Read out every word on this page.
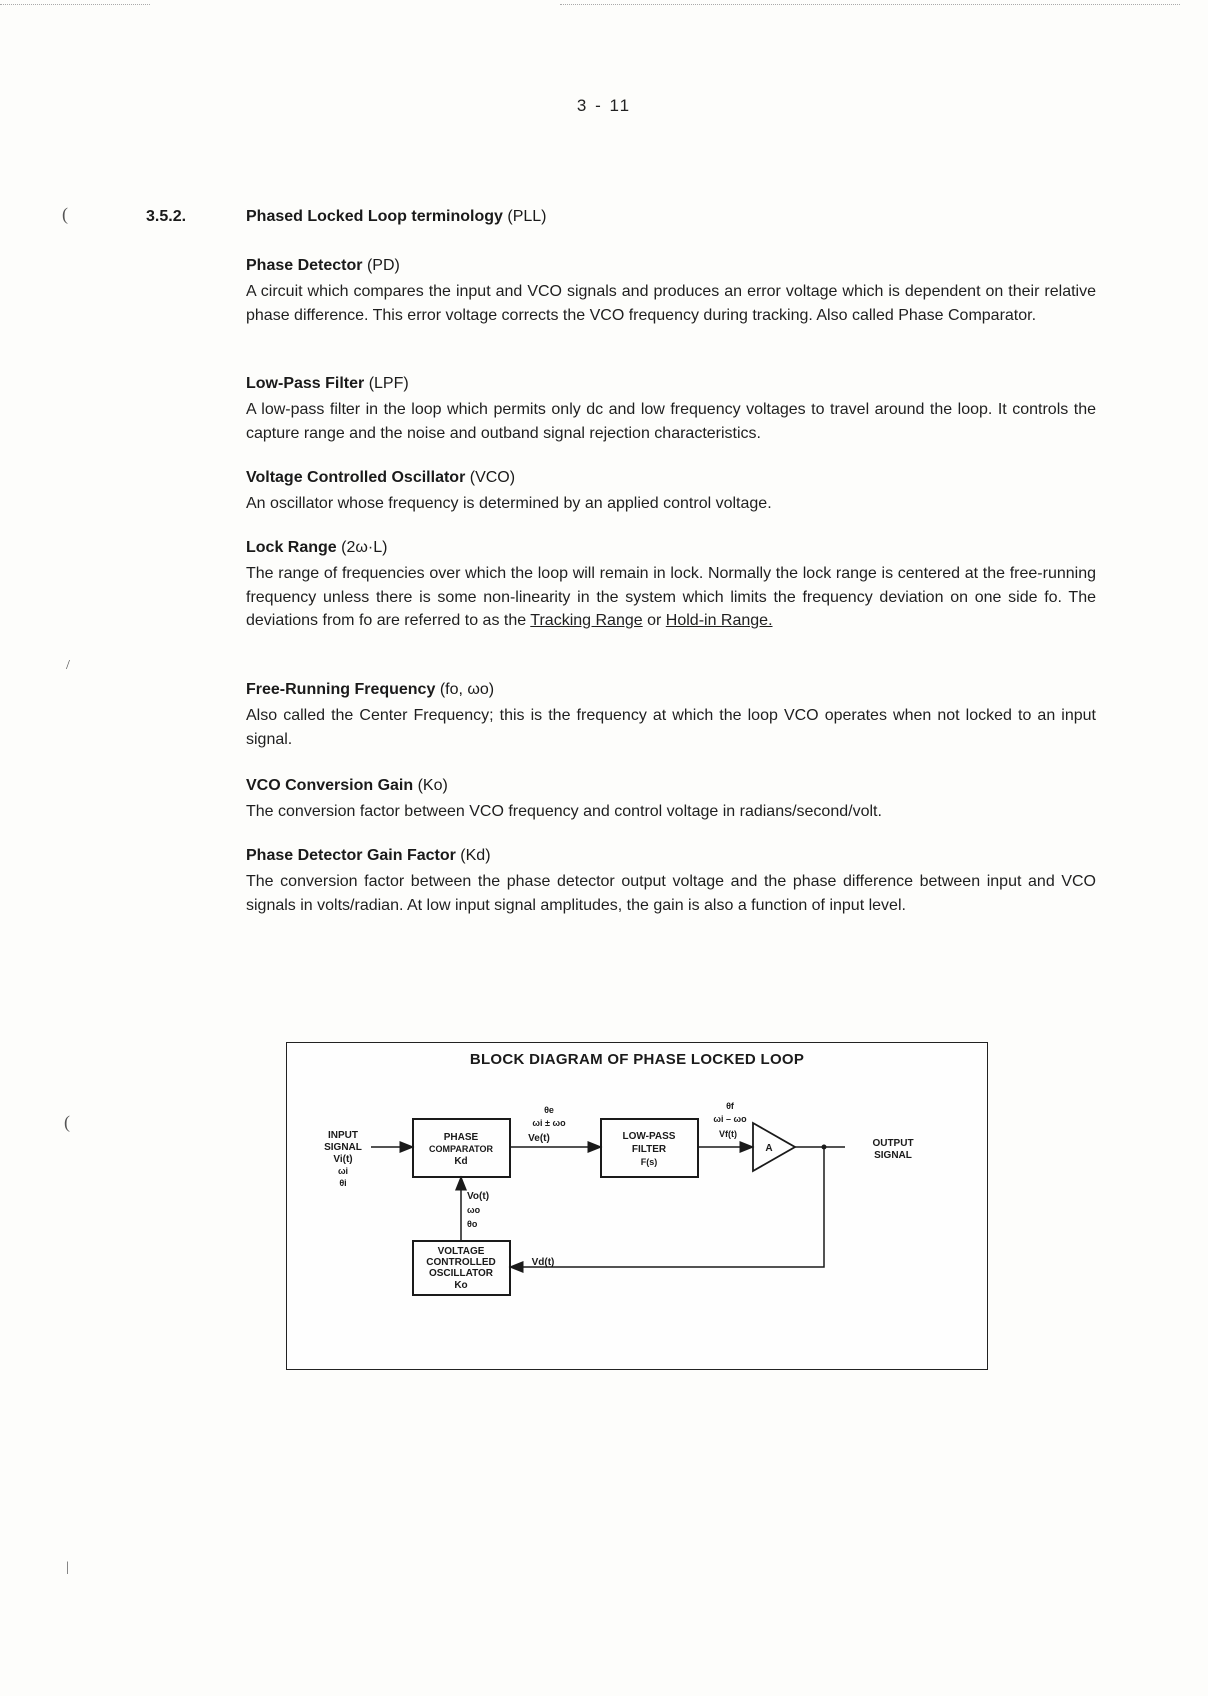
(
(
/
|
3 - 11
3.5.2.	Phased Locked Loop terminology (PLL)

Phase Detector (PD)

A circuit which compares the input and VCO signals and produces an error voltage which is dependent on their relative phase difference. This error voltage corrects the VCO frequency during tracking. Also called Phase Comparator.

Low-Pass Filter (LPF)

A low-pass filter in the loop which permits only dc and low frequency voltages to travel around the loop. It controls the capture range and the noise and outband signal rejection characteristics.

Voltage Controlled Oscillator (VCO)

An oscillator whose frequency is determined by an applied control voltage.

Lock Range (2ω·L)

The range of frequencies over which the loop will remain in lock. Normally the lock range is centered at the free-running frequency unless there is some non-linearity in the system which limits the frequency deviation on one side fo. The deviations from fo are referred to as the Tracking Range or Hold-in Range.

Free-Running Frequency (fo, ωo)

Also called the Center Frequency; this is the frequency at which the loop VCO operates when not locked to an input signal.

VCO Conversion Gain (Ko)

The conversion factor between VCO frequency and control voltage in radians/second/volt.

Phase Detector Gain Factor (Kd)

The conversion factor between the phase detector output voltage and the phase difference between input and VCO signals in volts/radian. At low input signal amplitudes, the gain is also a function of input level.

BLOCK DIAGRAM OF PHASE LOCKED LOOP
INPUT
SIGNAL
Vi(t)
ωi
θi
PHASE
COMPARATOR
Kd
θe
ωi ± ωo
Ve(t)	LOW-PASS
FILTER
F(s)
θf
ωi – ωo
Vf(t)
A	OUTPUT
SIGNAL
VOLTAGE
CONTROLLED
OSCILLATOR
Ko
Vd(t)
Vo(t)
ωo
θo
